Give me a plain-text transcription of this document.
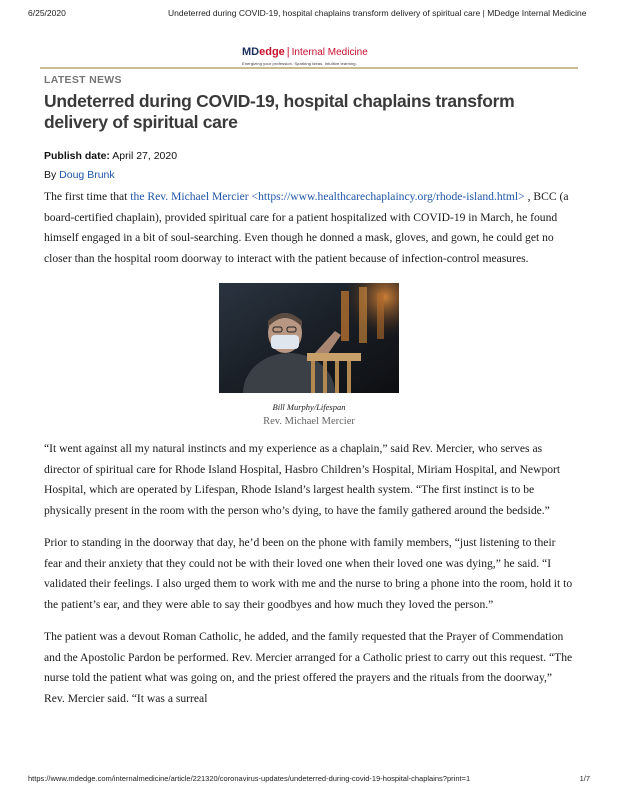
6/25/2020	Undeterred during COVID-19, hospital chaplains transform delivery of spiritual care | MDedge Internal Medicine
MDedge | Internal Medicine
Energizing your profession. Sparking ideas. Intuitive learning.
LATEST NEWS
Undeterred during COVID-19, hospital chaplains transform delivery of spiritual care
Publish date: April 27, 2020
By Doug Brunk

The first time that the Rev. Michael Mercier <https://www.healthcarechaplaincy.org/rhode-island.html> , BCC (a board-certified chaplain), provided spiritual care for a patient hospitalized with COVID-19 in March, he found himself engaged in a bit of soul-searching. Even though he donned a mask, gloves, and gown, he could get no closer than the hospital room doorway to interact with the patient because of infection-control measures.

Bill Murphy/Lifespan
Rev. Michael Mercier

“It went against all my natural instincts and my experience as a chaplain,” said Rev. Mercier, who serves as director of spiritual care for Rhode Island Hospital, Hasbro Children’s Hospital, Miriam Hospital, and Newport Hospital, which are operated by Lifespan, Rhode Island’s largest health system. “The first instinct is to be physically present in the room with the person who’s dying, to have the family gathered around the bedside.”

Prior to standing in the doorway that day, he’d been on the phone with family members, “just listening to their fear and their anxiety that they could not be with their loved one when their loved one was dying,” he said. “I validated their feelings. I also urged them to work with me and the nurse to bring a phone into the room, hold it to the patient’s ear, and they were able to say their goodbyes and how much they loved the person.”

The patient was a devout Roman Catholic, he added, and the family requested that the Prayer of Commendation and the Apostolic Pardon be performed. Rev. Mercier arranged for a Catholic priest to carry out this request. “The nurse told the patient what was going on, and the priest offered the prayers and the rituals from the doorway,” Rev. Mercier said. “It was a surreal

https://www.mdedge.com/internalmedicine/article/221320/coronavirus-updates/undeterred-during-covid-19-hospital-chaplains?print=1	1/7
